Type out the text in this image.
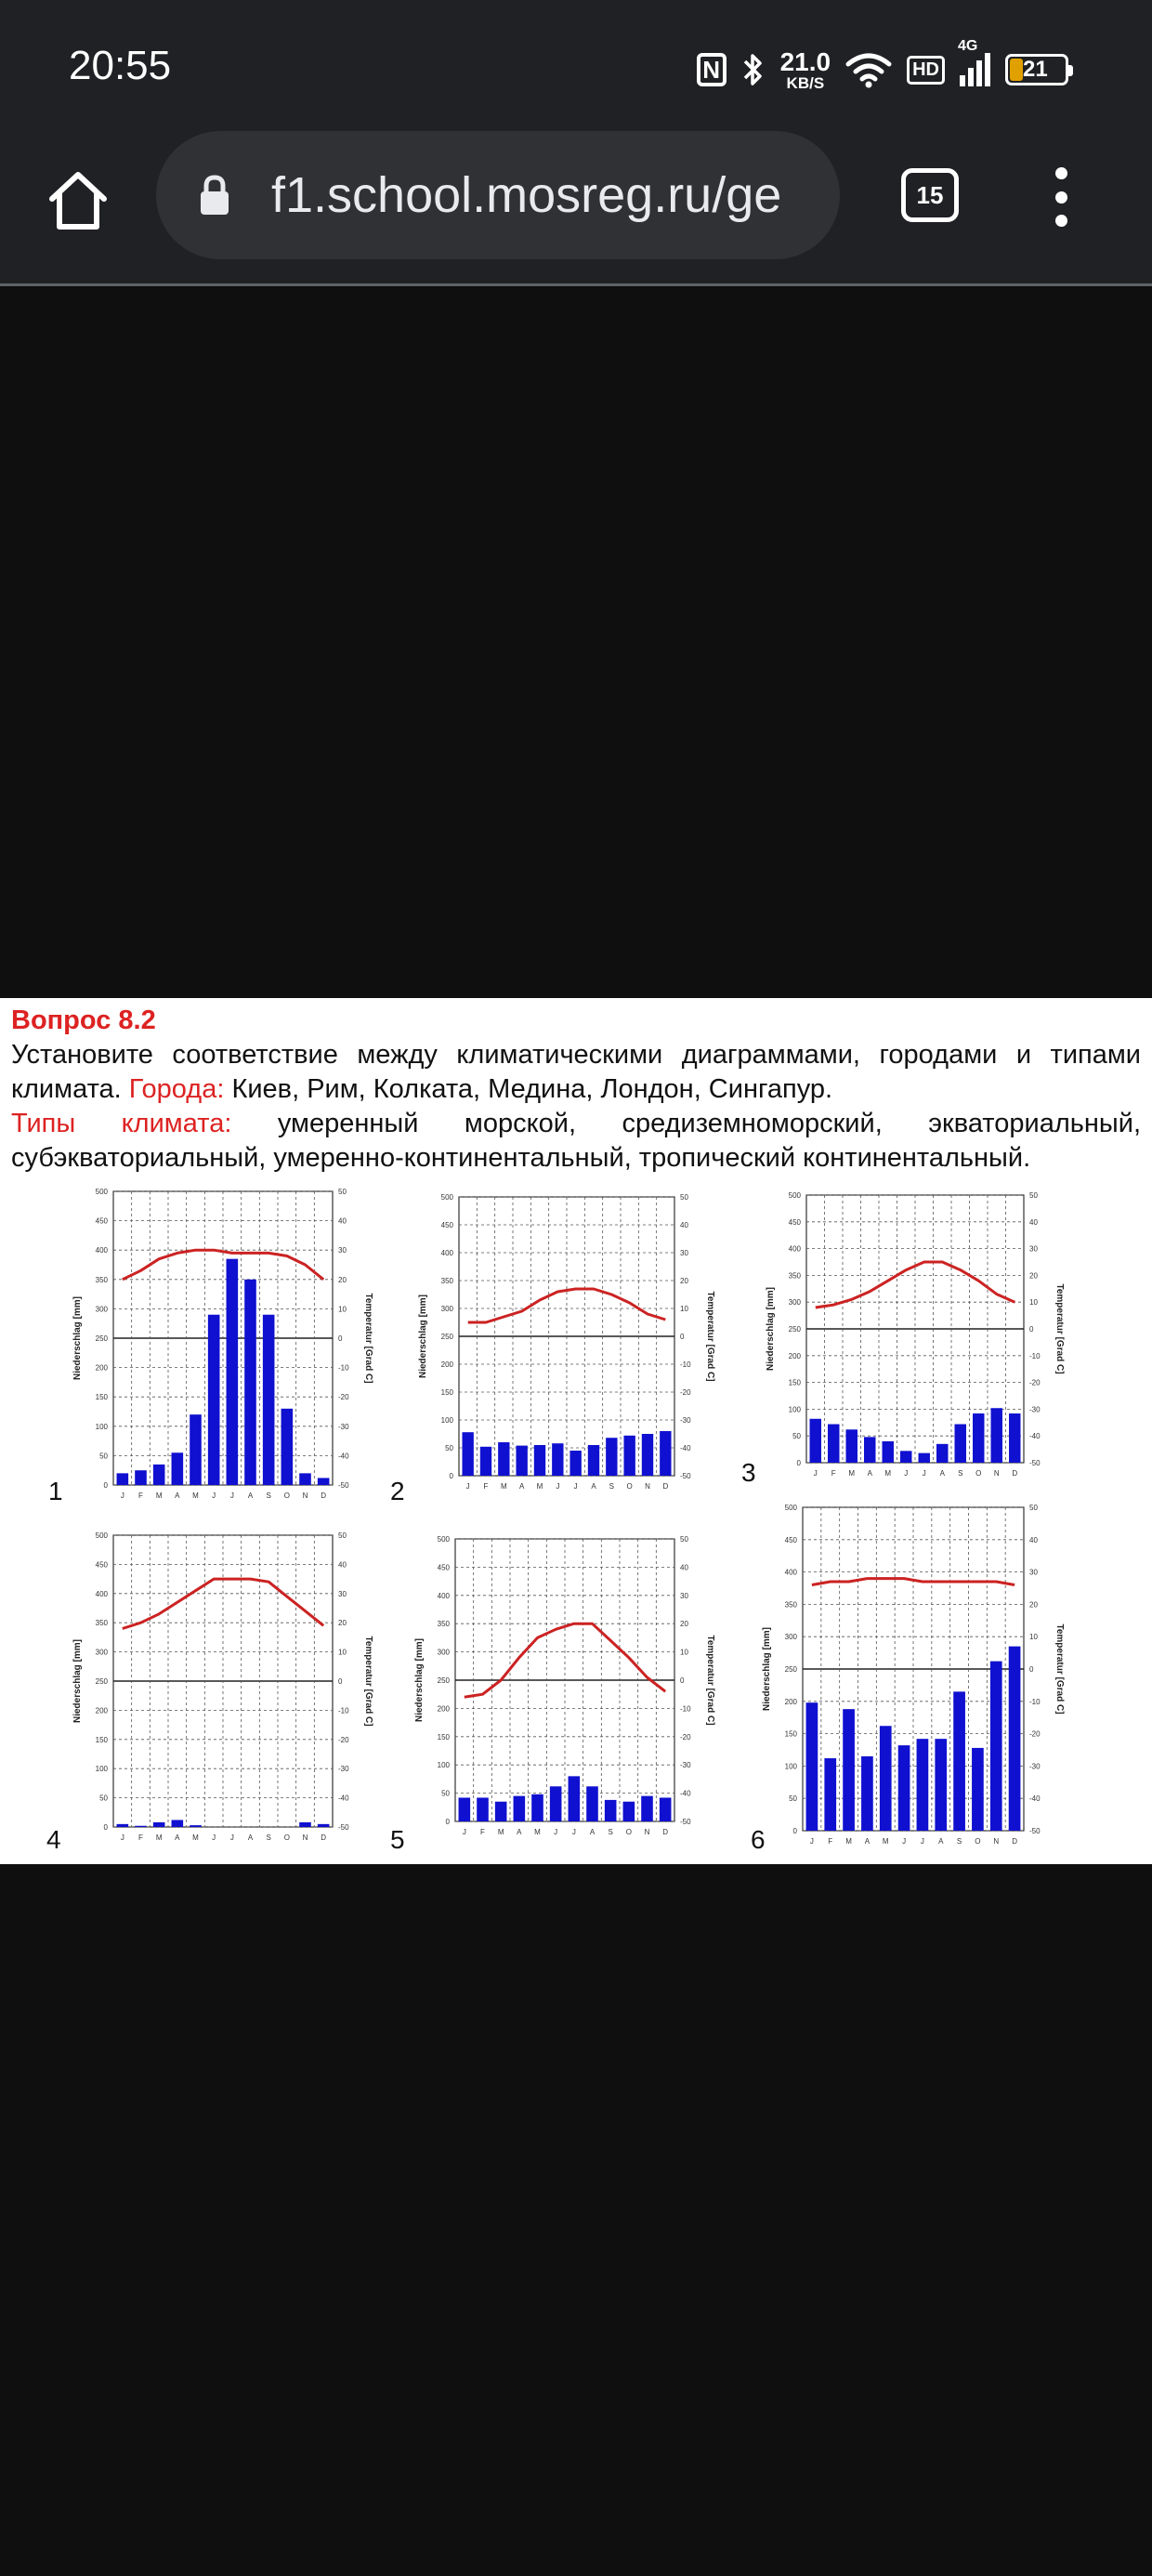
20:55	N 21.0
KB/S
HD
4G
21
f1.school.mosreg.ru/ge	15
Вопрос 8.2
Установите соответствие между климатическими диаграммами, городами и типами
климата. Города: Киев, Рим, Колката, Медина, Лондон, Сингапур.
Типы климата: умеренный морской, средиземноморский, экваториальный,
субэкваториальный, умеренно-континентальный, тропический континентальный.
0	-50
50	-40
100	-30
150	-20
200	-10
250	0
300	10
350	20
400	30
450	40
500	50
J F M A M J J A S O N D
Niederschlag [mm]	Temperatur [Grad C]
1
0	-50
50	-40
100	-30
150	-20
200	-10
250	0
300	10
350	20
400	30
450	40
500	50
J F M A M J J A S O N D
Niederschlag [mm]	Temperatur [Grad C]
2
0	-50
50	-40
100	-30
150	-20
200	-10
250	0
300	10
350	20
400	30
450	40
500	50
J F M A M J J A S O N D
Niederschlag [mm]	Temperatur [Grad C]
3
0	-50
50	-40
100	-30
150	-20
200	-10
250	0
300	10
350	20
400	30
450	40
500	50
J F M A M J J A S O N D
Niederschlag [mm]	Temperatur [Grad C]
4
0	-50
50	-40
100	-30
150	-20
200	-10
250	0
300	10
350	20
400	30
450	40
500	50
J F M A M J J A S O N D
Niederschlag [mm]	Temperatur [Grad C]
5	0	-50
50	-40
100	-30
150	-20
200	-10
250	0
300	10
350	20
400	30
450	40
500	50
J F M A M J J A S O N D
Niederschlag [mm]	Temperatur [Grad C]
6
